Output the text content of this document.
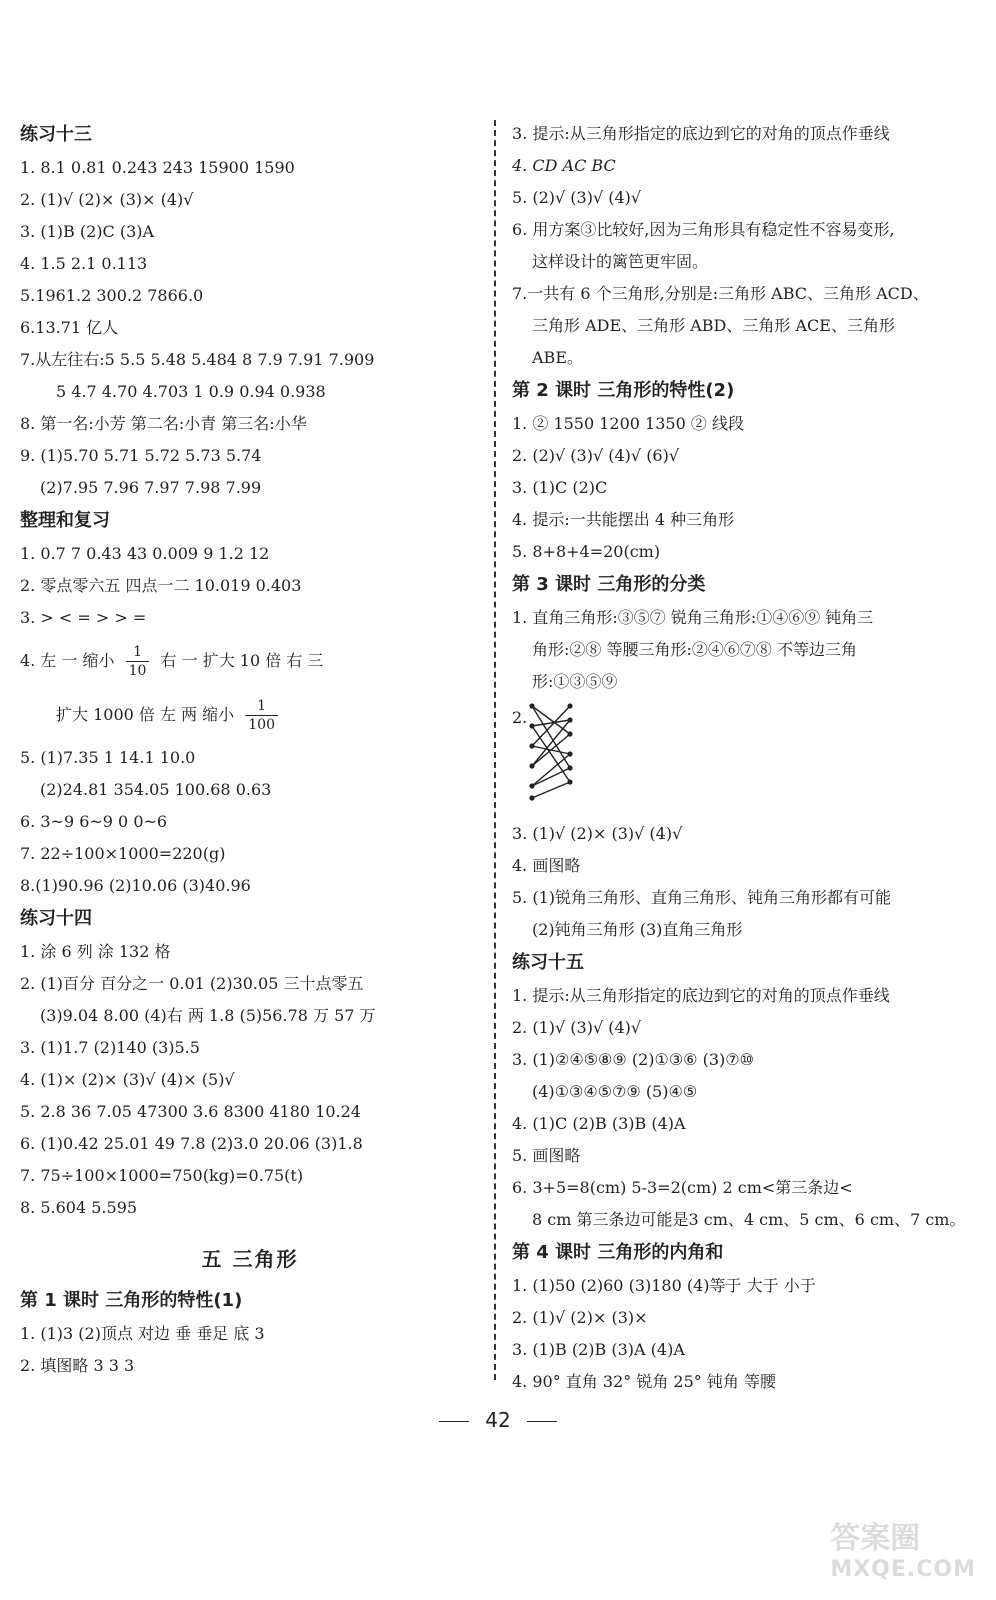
练习十三
1. 8.1 0.81 0.243 243 15900 1590
2. (1)√ (2)× (3)× (4)√
3. (1)B (2)C (3)A
4. 1.5 2.1 0.113
5.1961.2 300.2 7866.0
6.13.71 亿人
7.从左往右:5 5.5 5.48 5.484 8 7.9 7.91 7.909
5 4.7 4.70 4.703 1 0.9 0.94 0.938
8. 第一名:小芳 第二名:小青 第三名:小华
9. (1)5.70 5.71 5.72 5.73 5.74
(2)7.95 7.96 7.97 7.98 7.99
整理和复习
1. 0.7 7 0.43 43 0.009 9 1.2 12
2. 零点零六五 四点一二 10.019 0.403
3. > < = > > =
4. 左 一 缩小 $\frac{1}{10}$ 右 一 扩大 10 倍 右 三
扩大 1000 倍 左 两 缩小 $\frac{1}{100}$
5. (1)7.35 1 14.1 10.0
(2)24.81 354.05 100.68 0.63
6. 3~9 6~9 0 0~6
7. 22÷100×1000=220(g)
8.(1)90.96 (2)10.06 (3)40.96
练习十四
1. 涂 6 列 涂 132 格
2. (1)百分 百分之一 0.01 (2)30.05 三十点零五
(3)9.04 8.00 (4)右 两 1.8 (5)56.78 万 57 万
3. (1)1.7 (2)140 (3)5.5
4. (1)× (2)× (3)√ (4)× (5)√
5. 2.8 36 7.05 47300 3.6 8300 4180 10.24
6. (1)0.42 25.01 49 7.8 (2)3.0 20.06 (3)1.8
7. 75÷100×1000=750(kg)=0.75(t)
8. 5.604 5.595
五 三角形
第 1 课时 三角形的特性(1)
1. (1)3 (2)顶点 对边 垂 垂足 底 3
2. 填图略 3 3 3
3. 提示:从三角形指定的底边到它的对角的顶点作垂线
4. CD AC BC
5. (2)√ (3)√ (4)√
6. 用方案③比较好,因为三角形具有稳定性不容易变形,
这样设计的篱笆更牢固。
7.一共有 6 个三角形,分别是:三角形 ABC、三角形 ACD、
三角形 ADE、三角形 ABD、三角形 ACE、三角形
ABE。
第 2 课时 三角形的特性(2)
1. ② 1550 1200 1350 ② 线段
2. (2)√ (3)√ (4)√ (6)√
3. (1)C (2)C
4. 提示:一共能摆出 4 种三角形
5. 8+8+4=20(cm)
第 3 课时 三角形的分类
1. 直角三角形:③⑤⑦ 锐角三角形:①④⑥⑨ 钝角三
角形:②⑧ 等腰三角形:②④⑥⑦⑧ 不等边三角
形:①③⑤⑨
2.
3. (1)√ (2)× (3)√ (4)√
4. 画图略
5. (1)锐角三角形、直角三角形、钝角三角形都有可能
(2)钝角三角形 (3)直角三角形
练习十五
1. 提示:从三角形指定的底边到它的对角的顶点作垂线
2. (1)√ (3)√ (4)√
3. (1)②④⑤⑧⑨ (2)①③⑥ (3)⑦⑩
(4)①③④⑤⑦⑨ (5)④⑤
4. (1)C (2)B (3)B (4)A
5. 画图略
6. 3+5=8(cm) 5-3=2(cm) 2 cm<第三条边<
8 cm 第三条边可能是3 cm、4 cm、5 cm、6 cm、7 cm。
第 4 课时 三角形的内角和
1. (1)50 (2)60 (3)180 (4)等于 大于 小于
2. (1)√ (2)× (3)×
3. (1)B (2)B (3)A (4)A
4. 90° 直角 32° 锐角 25° 钝角 等腰
42
答案圈
MXQE.COM
